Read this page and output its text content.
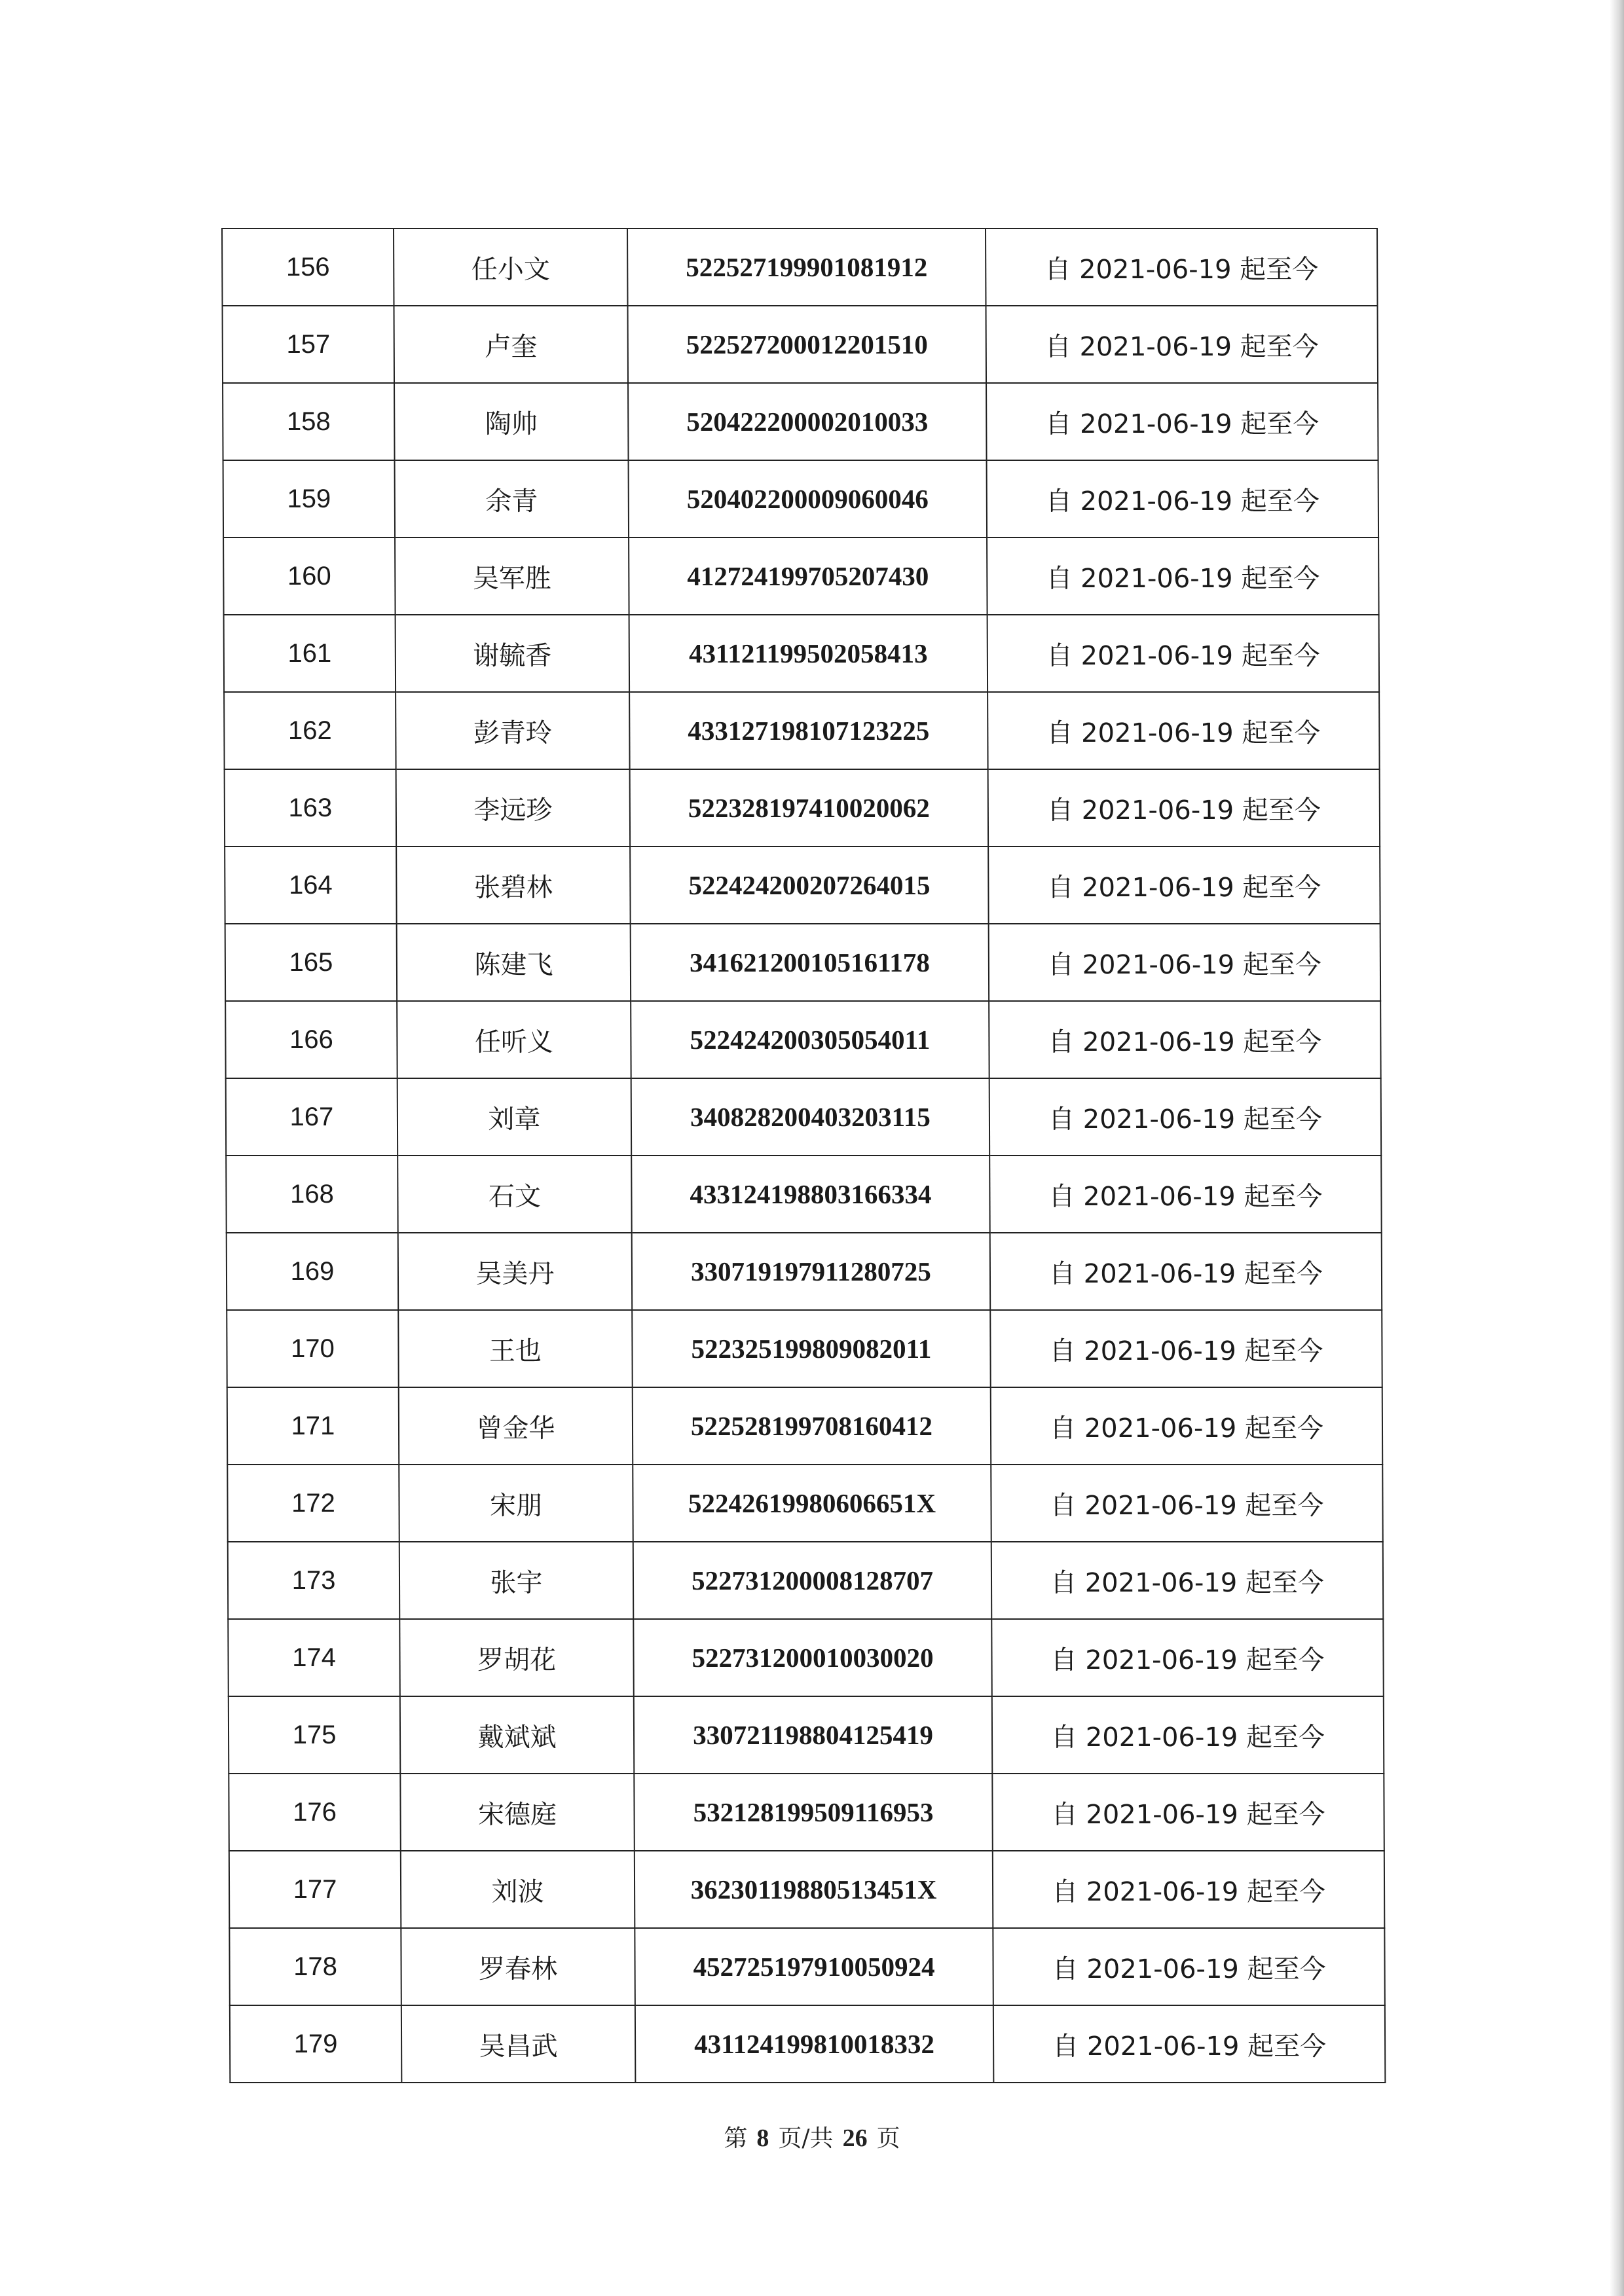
156	任小文	522527199901081912	自 2021-06-19 起至今
157	卢奎	522527200012201510	自 2021-06-19 起至今
158	陶帅	520422200002010033	自 2021-06-19 起至今
159	余青	520402200009060046	自 2021-06-19 起至今
160	吴军胜	412724199705207430	自 2021-06-19 起至今
161	谢毓香	431121199502058413	自 2021-06-19 起至今
162	彭青玲	433127198107123225	自 2021-06-19 起至今
163	李远珍	522328197410020062	自 2021-06-19 起至今
164	张碧林	522424200207264015	自 2021-06-19 起至今
165	陈建飞	341621200105161178	自 2021-06-19 起至今
166	任听义	522424200305054011	自 2021-06-19 起至今
167	刘章	340828200403203115	自 2021-06-19 起至今
168	石文	433124198803166334	自 2021-06-19 起至今
169	吴美丹	330719197911280725	自 2021-06-19 起至今
170	王也	522325199809082011	自 2021-06-19 起至今
171	曾金华	522528199708160412	自 2021-06-19 起至今
172	宋朋	52242619980606651X	自 2021-06-19 起至今
173	张宇	522731200008128707	自 2021-06-19 起至今
174	罗胡花	522731200010030020	自 2021-06-19 起至今
175	戴斌斌	330721198804125419	自 2021-06-19 起至今
176	宋德庭	532128199509116953	自 2021-06-19 起至今
177	刘波	36230119880513451X	自 2021-06-19 起至今
178	罗春林	452725197910050924	自 2021-06-19 起至今
179	吴昌武	431124199810018332	自 2021-06-19 起至今
第 8 页/共 26 页
